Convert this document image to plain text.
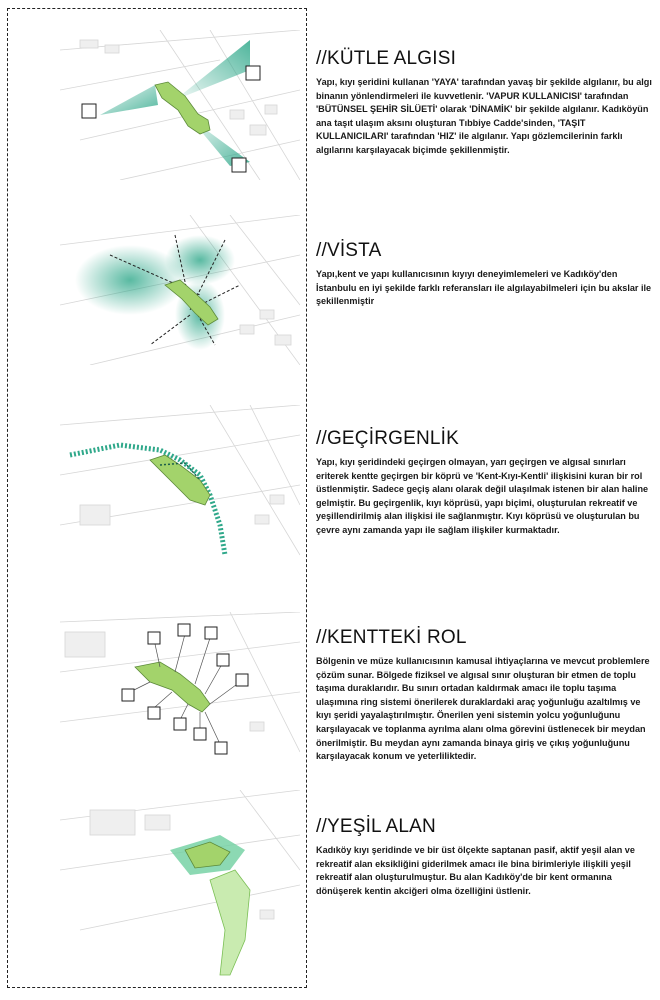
//KÜTLE ALGISI

Yapı, kıyı şeridini kullanan 'YAYA' tarafından yavaş bir şekilde algılanır, bu algı binanın yönlendirmeleri ile kuvvetlenir. 'VAPUR KULLANICISI' tarafından 'BÜTÜNSEL ŞEHİR SİLÜETİ' olarak 'DİNAMİK' bir şekilde algılanır. Kadıköyün ana taşıt ulaşım aksını oluşturan Tıbbiye Cadde'sinden, 'TAŞIT KULLANICILARI' tarafından 'HIZ' ile algılanır. Yapı gözlemcilerinin farklı algılarını karşılayacak biçimde şekillenmiştir.

//VİSTA

Yapı,kent ve yapı kullanıcısının kıyıyı deneyimlemeleri ve Kadıköy'den İstanbulu en iyi şekilde farklı referansları ile algılayabilmeleri için bu akslar ile şekillenmiştir

//GEÇİRGENLİK

Yapı, kıyı şeridindeki geçirgen olmayan, yarı geçirgen ve algısal sınırları eriterek kentte geçirgen bir köprü ve 'Kent-Kıyı-Kentli' ilişkisini kuran bir rol üstlenmiştir. Sadece geçiş alanı olarak değil ulaşılmak istenen bir alan haline gelmiştir. Bu geçirgenlik, kıyı köprüsü, yapı biçimi, oluşturulan rekreatif ve yeşillendirilmiş alan ilişkisi ile sağlanmıştır. Kıyı köprüsü ve oluşturulan bu çevre aynı zamanda yapı ile sağlam ilişkiler kurmaktadır.

//KENTTEKİ ROL

Bölgenin ve müze kullanıcısının kamusal ihtiyaçlarına ve mevcut problemlere çözüm sunar. Bölgede fiziksel ve algısal sınır oluşturan bir etmen de toplu taşıma duraklarıdır. Bu sınırı ortadan kaldırmak amacı ile toplu taşıma ulaşımına ring sistemi önerilerek duraklardaki araç yoğunluğu azaltılmış ve kıyı şeridi yayalaştırılmıştır. Önerilen yeni sistemin yolcu yoğunluğunu karşılayacak ve toplanma ayrılma alanı olma görevini üstlenecek bir meydan önerilmiştir. Bu meydan aynı zamanda binaya giriş ve çıkış yoğunluğunu karşılayacak konum ve yeterliliktedir.

//YEŞİL ALAN

Kadıköy kıyı şeridinde ve bir üst ölçekte saptanan pasif, aktif yeşil alan ve rekreatif alan eksikliğini giderilmek amacı ile bina birimleriyle ilişkili yeşil rekreatif alan oluşturulmuştur. Bu alan Kadıköy'de bir kent ormanına dönüşerek kentin akciğeri olma özelliğini üstlenir.
